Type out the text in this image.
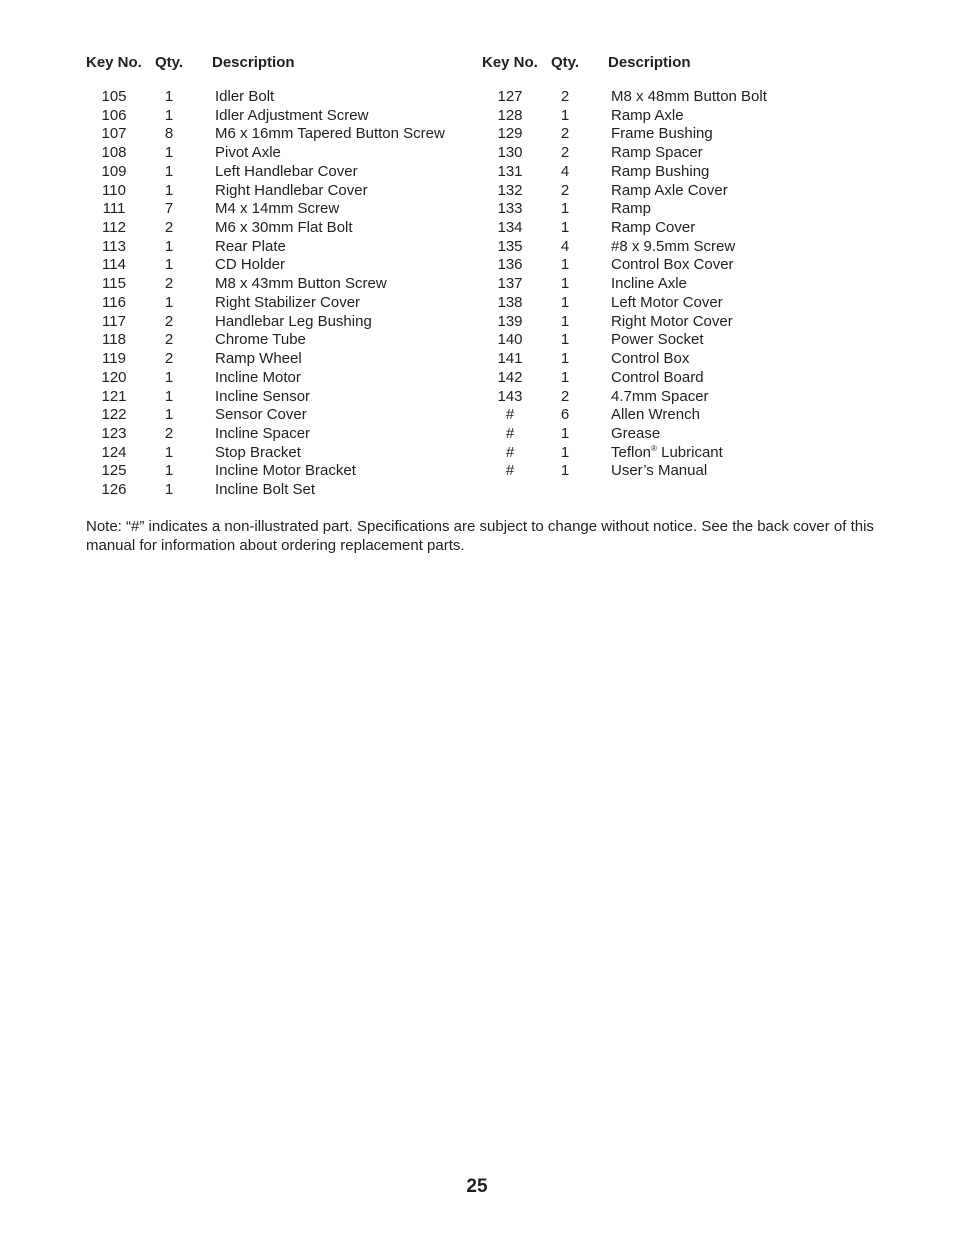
Key No. Qty. Description
105	1	Idler Bolt
106	1	Idler Adjustment Screw
107	8	M6 x 16mm Tapered Button Screw
108	1	Pivot Axle
109	1	Left Handlebar Cover
110	1	Right Handlebar Cover
111	7	M4 x 14mm Screw
112	2	M6 x 30mm Flat Bolt
113	1	Rear Plate
114	1	CD Holder
115	2	M8 x 43mm Button Screw
116	1	Right Stabilizer Cover
117	2	Handlebar Leg Bushing
118	2	Chrome Tube
119	2	Ramp Wheel
120	1	Incline Motor
121	1	Incline Sensor
122	1	Sensor Cover
123	2	Incline Spacer
124	1	Stop Bracket
125	1	Incline Motor Bracket
126	1	Incline Bolt Set
Key No. Qty. Description
127	2	M8 x 48mm Button Bolt
128	1	Ramp Axle
129	2	Frame Bushing
130	2	Ramp Spacer
131	4	Ramp Bushing
132	2	Ramp Axle Cover
133	1	Ramp
134	1	Ramp Cover
135	4	#8 x 9.5mm Screw
136	1	Control Box Cover
137	1	Incline Axle
138	1	Left Motor Cover
139	1	Right Motor Cover
140	1	Power Socket
141	1	Control Box
142	1	Control Board
143	2	4.7mm Spacer
#	6	Allen Wrench
#	1	Grease
#	1	Teflon® Lubricant
#	1	User’s Manual
Note: “#” indicates a non-illustrated part. Specifications are subject to change without notice. See the back cover of this manual for information about ordering replacement parts.
25
